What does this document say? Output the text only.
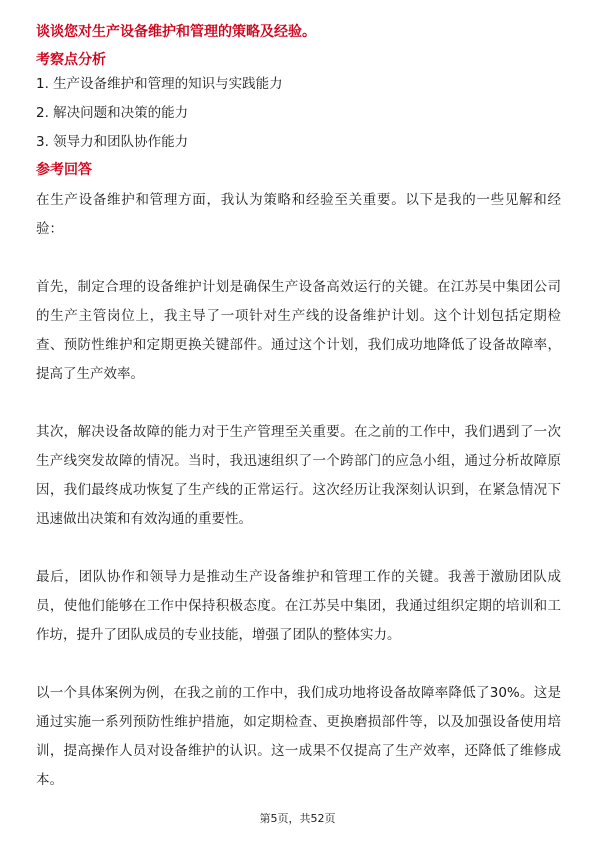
谈谈您对生产设备维护和管理的策略及经验。
考察点分析
1. 生产设备维护和管理的知识与实践能力
2. 解决问题和决策的能力
3. 领导力和团队协作能力
参考回答

在生产设备维护和管理方面，我认为策略和经验至关重要。以下是我的一些见解和经验：

首先，制定合理的设备维护计划是确保生产设备高效运行的关键。在江苏吴中集团公司的生产主管岗位上，我主导了一项针对生产线的设备维护计划。这个计划包括定期检查、预防性维护和定期更换关键部件。通过这个计划，我们成功地降低了设备故障率，提高了生产效率。

其次，解决设备故障的能力对于生产管理至关重要。在之前的工作中，我们遇到了一次生产线突发故障的情况。当时，我迅速组织了一个跨部门的应急小组，通过分析故障原因，我们最终成功恢复了生产线的正常运行。这次经历让我深刻认识到，在紧急情况下迅速做出决策和有效沟通的重要性。

最后，团队协作和领导力是推动生产设备维护和管理工作的关键。我善于激励团队成员，使他们能够在工作中保持积极态度。在江苏吴中集团，我通过组织定期的培训和工作坊，提升了团队成员的专业技能，增强了团队的整体实力。

以一个具体案例为例，在我之前的工作中，我们成功地将设备故障率降低了30%。这是通过实施一系列预防性维护措施，如定期检查、更换磨损部件等，以及加强设备使用培训，提高操作人员对设备维护的认识。这一成果不仅提高了生产效率，还降低了维修成本。

第5页，共52页
